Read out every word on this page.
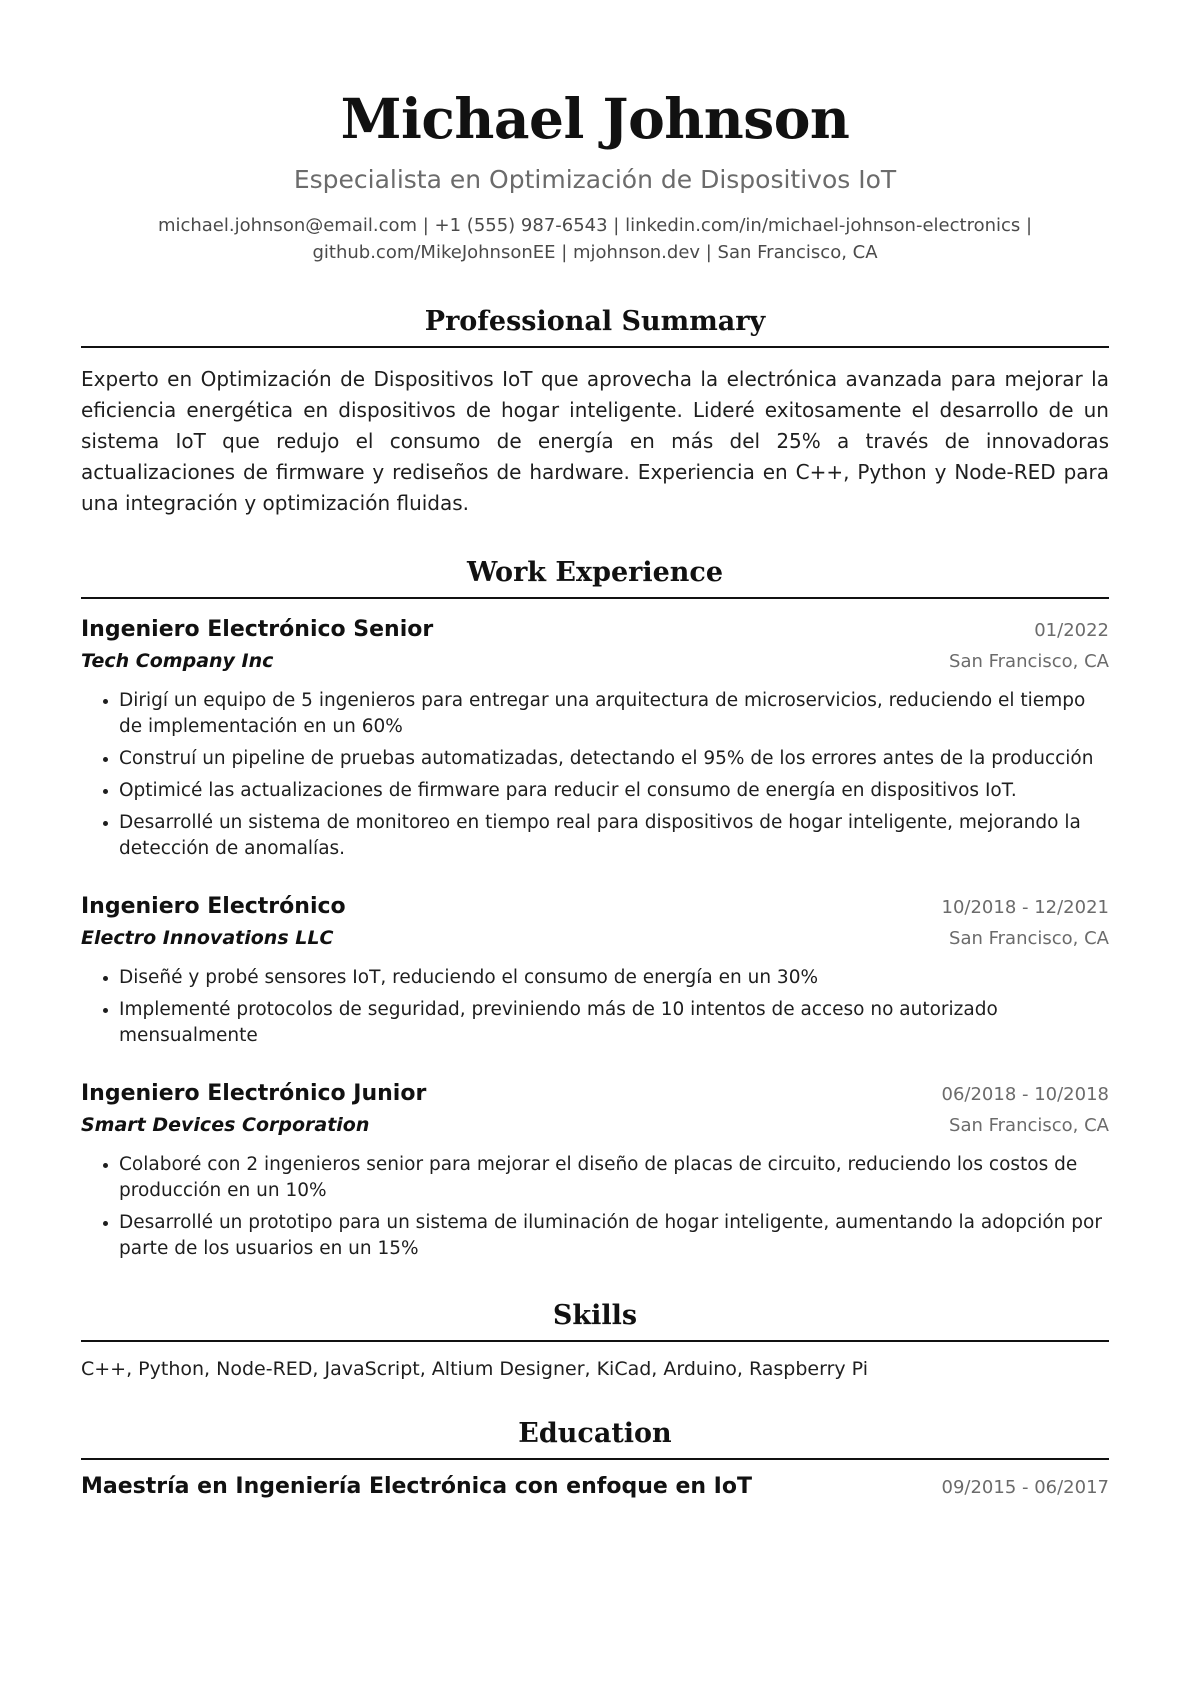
Michael Johnson
Especialista en Optimización de Dispositivos IoT
michael.johnson@email.com | +1 (555) 987-6543 | linkedin.com/in/michael-johnson-electronics |
github.com/MikeJohnsonEE | mjohnson.dev | San Francisco, CA
Professional Summary
Experto en Optimización de Dispositivos IoT que aprovecha la electrónica avanzada para mejorar la eficiencia energética en dispositivos de hogar inteligente. Lideré exitosamente el desarrollo de un sistema IoT que redujo el consumo de energía en más del 25% a través de innovadoras actualizaciones de firmware y rediseños de hardware. Experiencia en C++, Python y Node-RED para una integración y optimización fluidas.
Work Experience
Ingeniero Electrónico Senior	01/2022
Tech Company Inc	San Francisco, CA
• Dirigí un equipo de 5 ingenieros para entregar una arquitectura de microservicios, reduciendo el tiempo de implementación en un 60%
• Construí un pipeline de pruebas automatizadas, detectando el 95% de los errores antes de la producción
• Optimicé las actualizaciones de firmware para reducir el consumo de energía en dispositivos IoT.
• Desarrollé un sistema de monitoreo en tiempo real para dispositivos de hogar inteligente, mejorando la detección de anomalías.
Ingeniero Electrónico	10/2018 - 12/2021
Electro Innovations LLC	San Francisco, CA
• Diseñé y probé sensores IoT, reduciendo el consumo de energía en un 30%
• Implementé protocolos de seguridad, previniendo más de 10 intentos de acceso no autorizado mensualmente
Ingeniero Electrónico Junior	06/2018 - 10/2018
Smart Devices Corporation	San Francisco, CA
• Colaboré con 2 ingenieros senior para mejorar el diseño de placas de circuito, reduciendo los costos de producción en un 10%
• Desarrollé un prototipo para un sistema de iluminación de hogar inteligente, aumentando la adopción por parte de los usuarios en un 15%
Skills
C++, Python, Node-RED, JavaScript, Altium Designer, KiCad, Arduino, Raspberry Pi
Education
Maestría en Ingeniería Electrónica con enfoque en IoT	09/2015 - 06/2017
